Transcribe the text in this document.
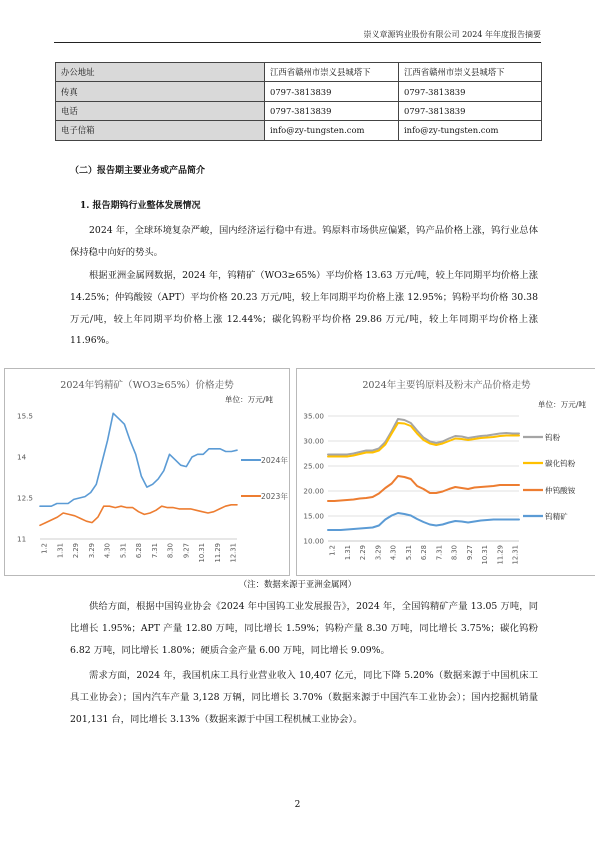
崇义章源钨业股份有限公司 2024 年年度报告摘要
办公地址	江西省赣州市崇义县城塔下	江西省赣州市崇义县城塔下
传真	0797-3813839	0797-3813839
电话	0797-3813839	0797-3813839
电子信箱	info@zy-tungsten.com	info@zy-tungsten.com
（二）报告期主要业务或产品简介
1. 报告期钨行业整体发展情况

2024 年，全球环境复杂严峻，国内经济运行稳中有进。钨原料市场供应偏紧，钨产品价格上涨，钨行业总体保持稳中向好的势头。

根据亚洲金属网数据，2024 年，钨精矿（WO3≥65%）平均价格 13.63 万元/吨，较上年同期平均价格上涨 14.25%；仲钨酸铵（APT）平均价格 20.23 万元/吨，较上年同期平均价格上涨 12.95%；钨粉平均价格 30.38 万元/吨，较上年同期平均价格上涨 12.44%；碳化钨粉平均价格 29.86 万元/吨，较上年同期平均价格上涨 11.96%。

2024年钨精矿（WO3≥65%）价格走势
单位：万元/吨
11
12.5
14
15.5
1.2 1.31 2.29 3.29 4.30 5.31 6.28 7.31 8.30 9.27 10.31 11.29 12.31
2024年
2023年
2024年主要钨原料及粉末产品价格走势
单位：万元/吨
10.00
15.00
20.00
25.00
30.00
35.00
1.2 1.31 2.29 3.29 4.30 5.31 6.28 7.31 8.30 9.27 10.31 11.29 12.31
钨粉
碳化钨粉
仲钨酸铵
钨精矿
（注：数据来源于亚洲金属网）

供给方面，根据中国钨业协会《2024 年中国钨工业发展报告》，2024 年，全国钨精矿产量 13.05 万吨，同比增长 1.95%；APT 产量 12.80 万吨，同比增长 1.59%；钨粉产量 8.30 万吨，同比增长 3.75%；碳化钨粉 6.82 万吨，同比增长 1.80%；硬质合金产量 6.00 万吨，同比增长 9.09%。

需求方面，2024 年，我国机床工具行业营业收入 10,407 亿元，同比下降 5.20%（数据来源于中国机床工具工业协会）；国内汽车产量 3,128 万辆，同比增长 3.70%（数据来源于中国汽车工业协会）；国内挖掘机销量 201,131 台，同比增长 3.13%（数据来源于中国工程机械工业协会）。

2
